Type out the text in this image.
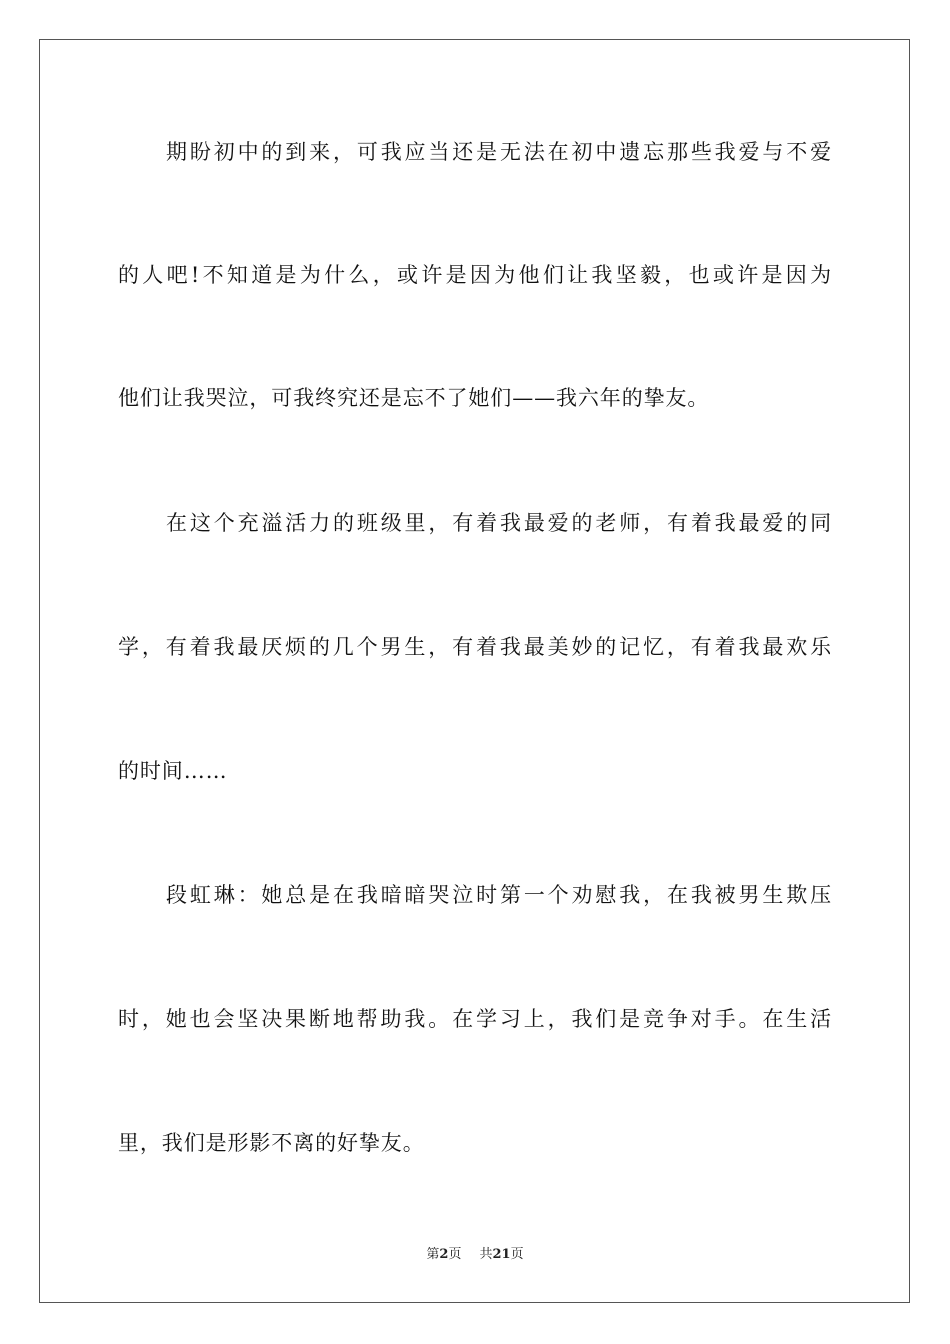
期盼初中的到来，可我应当还是无法在初中遗忘那些我爱与不爱
的人吧!不知道是为什么，或许是因为他们让我坚毅，也或许是因为
他们让我哭泣，可我终究还是忘不了她们——我六年的挚友。
在这个充溢活力的班级里，有着我最爱的老师，有着我最爱的同
学，有着我最厌烦的几个男生，有着我最美妙的记忆，有着我最欢乐
的时间……
段虹琳：她总是在我暗暗哭泣时第一个劝慰我，在我被男生欺压
时，她也会坚决果断地帮助我。在学习上，我们是竞争对手。在生活
里，我们是形影不离的好挚友。
第2页 共21页
